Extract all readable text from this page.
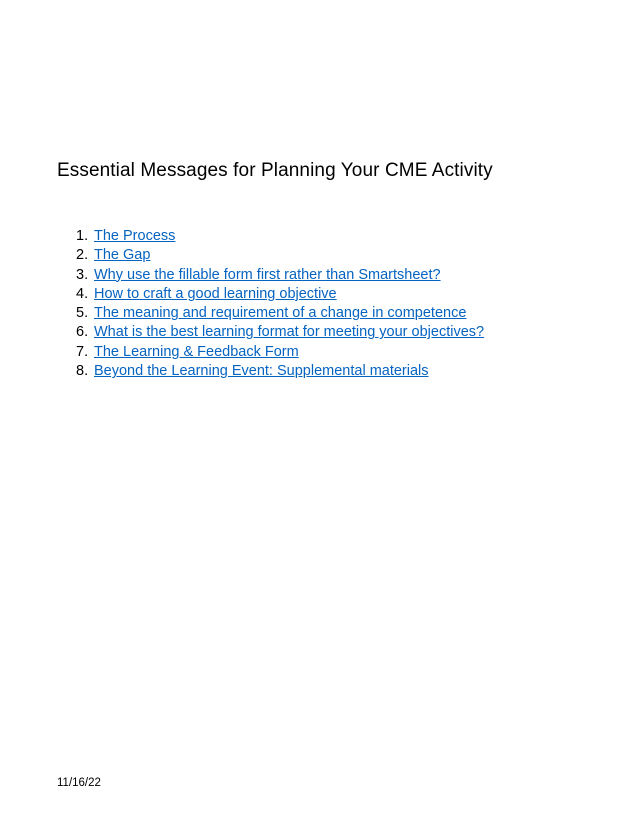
Essential Messages for Planning Your CME Activity
1. The Process
2. The Gap
3. Why use the fillable form first rather than Smartsheet?
4. How to craft a good learning objective
5. The meaning and requirement of a change in competence
6. What is the best learning format for meeting your objectives?
7. The Learning & Feedback Form
8. Beyond the Learning Event: Supplemental materials
11/16/22
